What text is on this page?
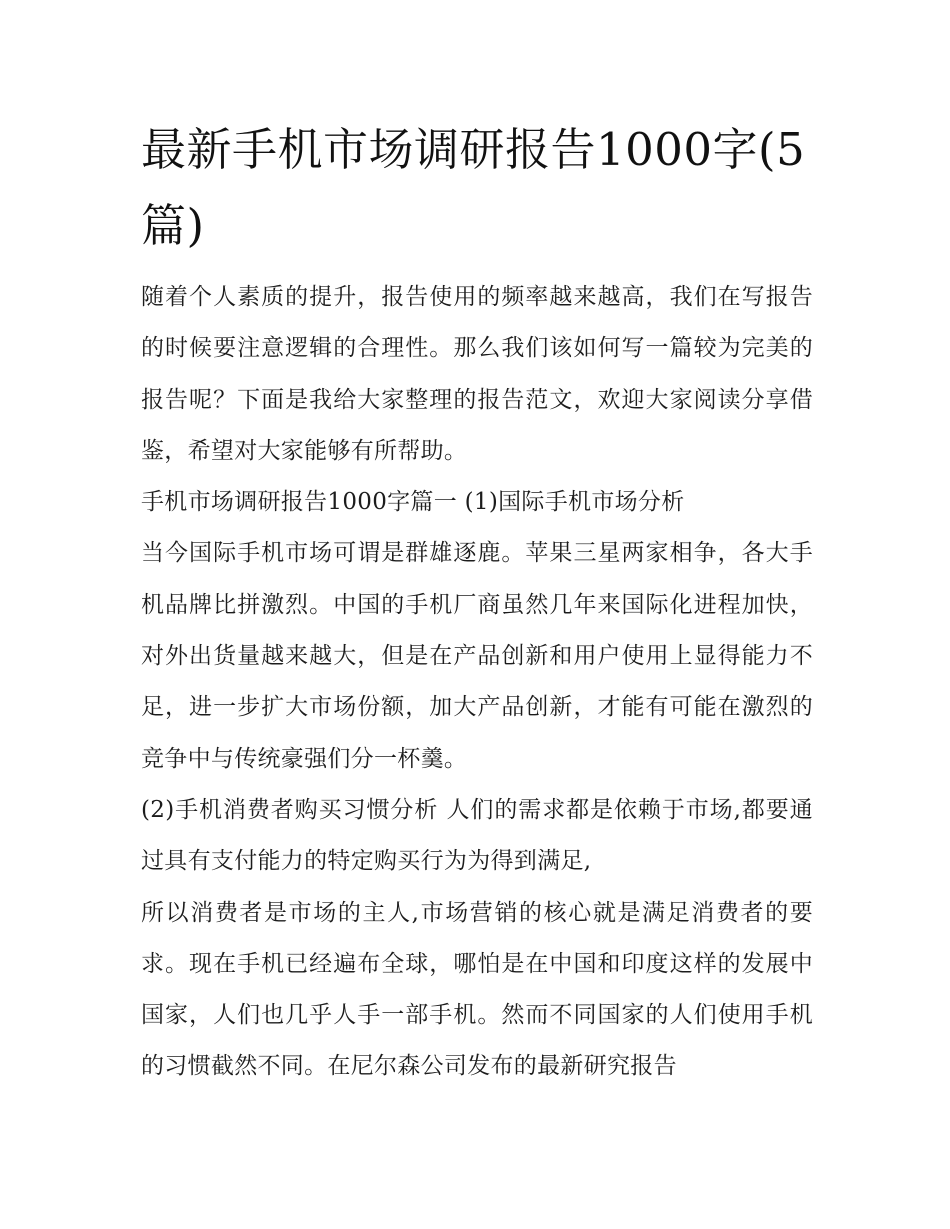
最新手机市场调研报告1000字(5篇)

随着个人素质的提升，报告使用的频率越来越高，我们在写报告的时候要注意逻辑的合理性。那么我们该如何写一篇较为完美的报告呢？下面是我给大家整理的报告范文，欢迎大家阅读分享借鉴，希望对大家能够有所帮助。

手机市场调研报告1000字篇一 (1)国际手机市场分析

当今国际手机市场可谓是群雄逐鹿。苹果三星两家相争，各大手机品牌比拼激烈。中国的手机厂商虽然几年来国际化进程加快，对外出货量越来越大，但是在产品创新和用户使用上显得能力不足，进一步扩大市场份额，加大产品创新，才能有可能在激烈的竞争中与传统豪强们分一杯羹。

(2)手机消费者购买习惯分析 人们的需求都是依赖于市场,都要通过具有支付能力的特定购买行为为得到满足,

所以消费者是市场的主人,市场营销的核心就是满足消费者的要求。现在手机已经遍布全球，哪怕是在中国和印度这样的发展中国家，人们也几乎人手一部手机。然而不同国家的人们使用手机的习惯截然不同。在尼尔森公司发布的最新研究报告
